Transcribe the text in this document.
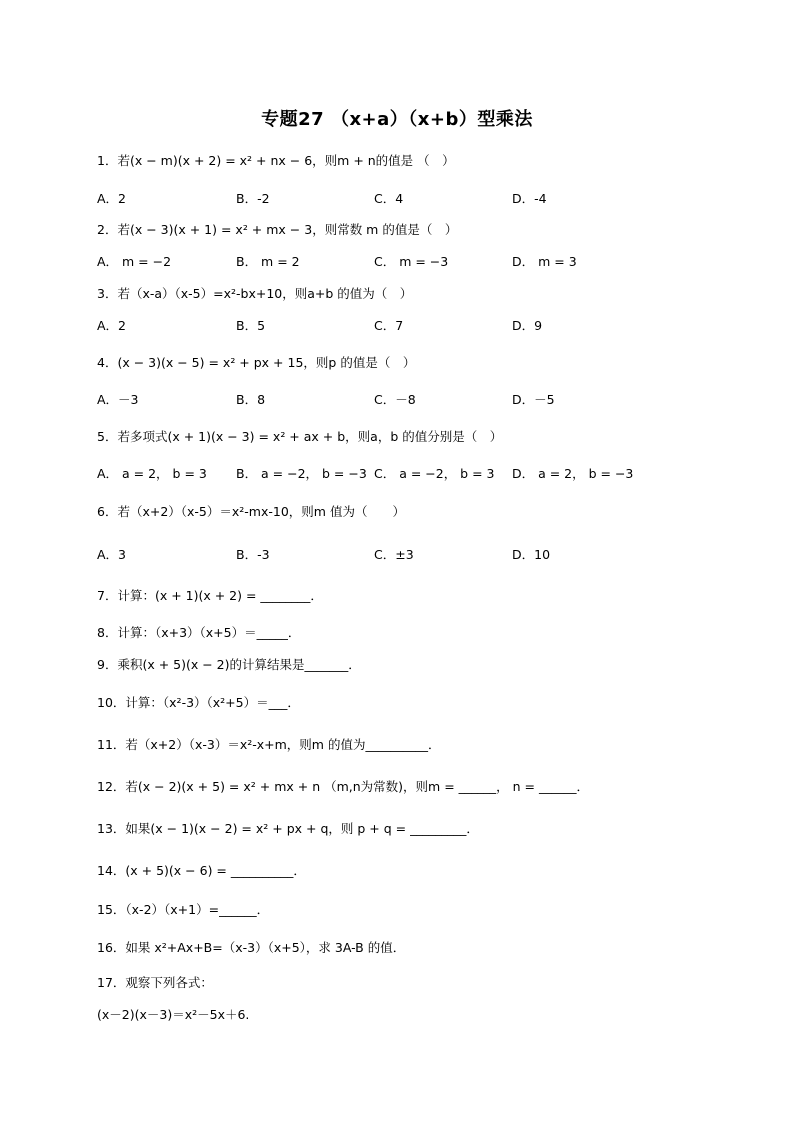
专题27 （x+a）（x+b）型乘法
1．若(x − m)(x + 2) = x² + nx − 6，则m + n的值是 （　）
A．2	B．-2	C．4	D．-4
2．若(x − 3)(x + 1) = x² + mx − 3，则常数 m 的值是（　）
A． m = −2	B． m = 2	C． m = −3	D． m = 3
3．若（x-a）（x-5）=x²-bx+10，则a+b 的值为（　）
A．2	B．5	C．7	D．9
4．(x − 3)(x − 5) = x² + px + 15，则p 的值是（　）
A．－3	B．8	C．－8	D．－5
5．若多项式(x + 1)(x − 3) = x² + ax + b，则a，b 的值分别是（　）
A． a = 2， b = 3 B． a = −2， b = −3 C． a = −2， b = 3 D． a = 2， b = −3
6．若（x+2）（x-5）＝x²-mx-10，则m 值为（　　）
A．3	B．-3	C．±3	D．10
7．计算：(x + 1)(x + 2) = ________．
8．计算：（x+3）（x+5）＝_____．
9．乘积(x + 5)(x − 2)的计算结果是_______．
10．计算：（x²-3）（x²+5）＝___．
11．若（x+2）（x-3）＝x²-x+m，则m 的值为__________．
12．若(x − 2)(x + 5) = x² + mx + n （m,n为常数)，则m = ______， n = ______．
13．如果(x − 1)(x − 2) = x² + px + q，则 p + q = _________．
14．(x + 5)(x − 6) = __________．
15．（x-2）（x+1）=______．
16．如果 x²+Ax+B=（x-3）（x+5），求 3A-B 的值．
17．观察下列各式：
(x－2)(x－3)＝x²－5x＋6.
